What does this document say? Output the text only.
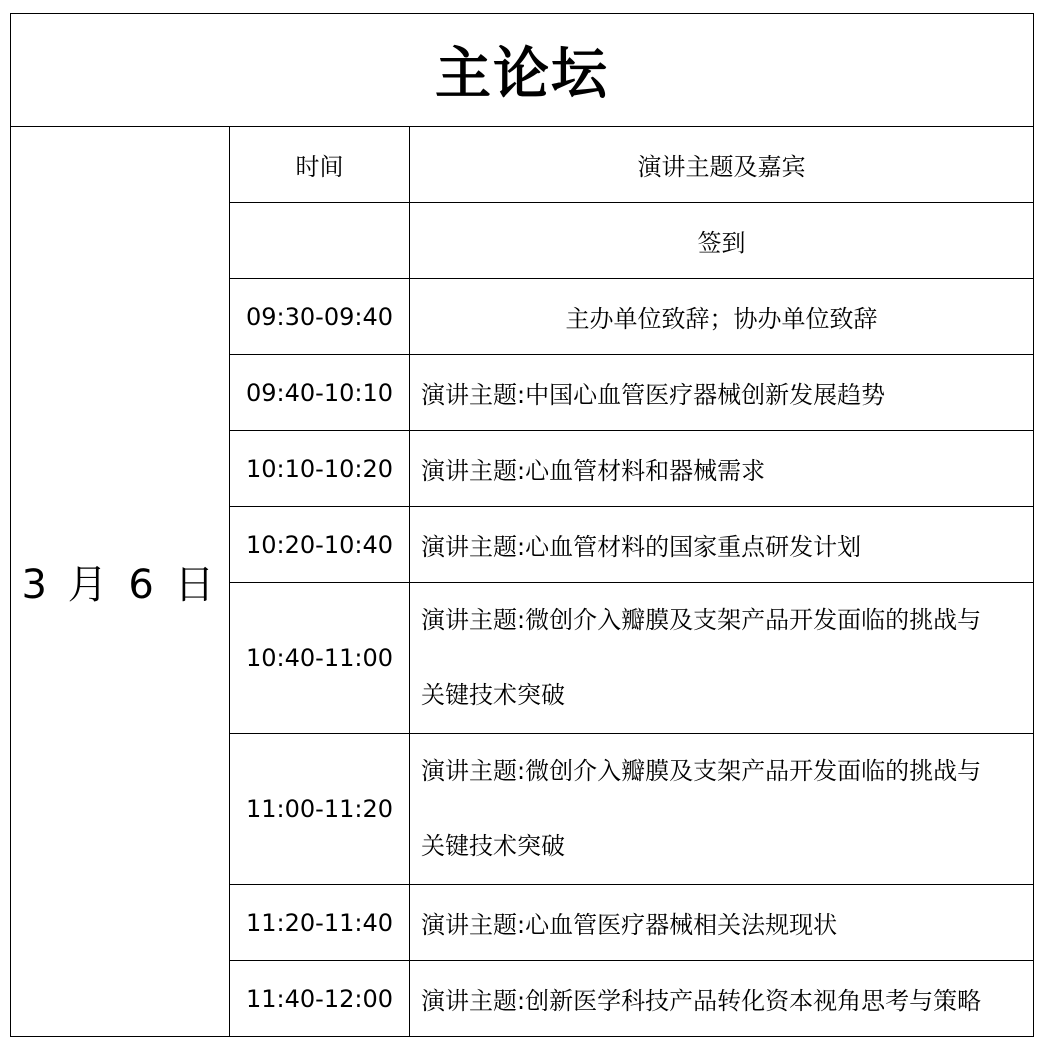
主论坛		
3 月 6 日	时间	演讲主题及嘉宾
		签到
	09:30-09:40	主办单位致辞；协办单位致辞
	09:40-10:10	演讲主题:中国心血管医疗器械创新发展趋势
	10:10-10:20	演讲主题:心血管材料和器械需求
	10:20-10:40	演讲主题:心血管材料的国家重点研发计划
	10:40-11:00	演讲主题:微创介入瓣膜及支架产品开发面临的挑战与
关键技术突破

	11:00-11:20	演讲主题:微创介入瓣膜及支架产品开发面临的挑战与
关键技术突破

	11:20-11:40	演讲主题:心血管医疗器械相关法规现状
	11:40-12:00	演讲主题:创新医学科技产品转化资本视角思考与策略
